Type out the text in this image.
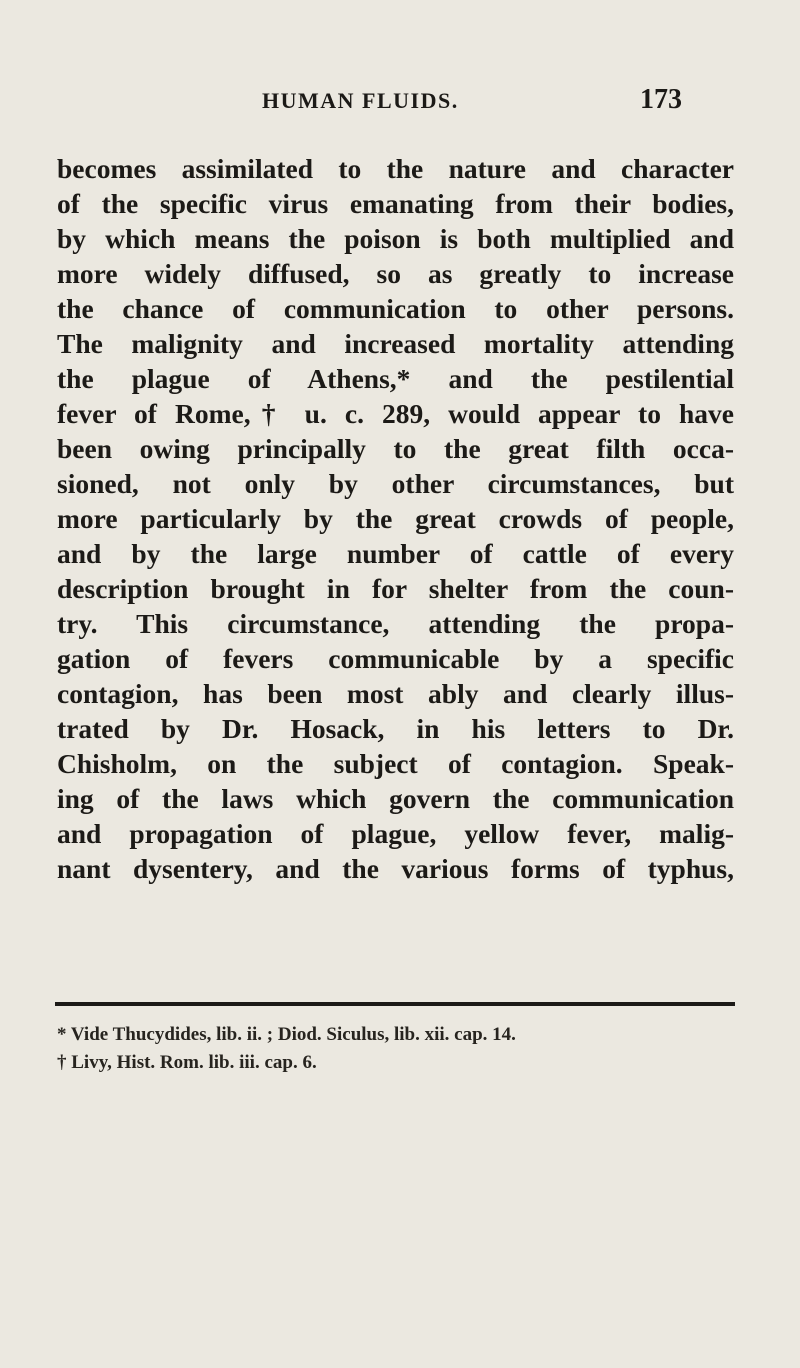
HUMAN FLUIDS.	173
becomes assimilated to the nature and character
of the specific virus emanating from their bodies,
by which means the poison is both multiplied and
more widely diffused, so as greatly to increase
the chance of communication to other persons.
The malignity and increased mortality attending
the plague of Athens,* and the pestilential
fever of Rome,† u. c. 289, would appear to have
been owing principally to the great filth occa-
sioned, not only by other circumstances, but
more particularly by the great crowds of people,
and by the large number of cattle of every
description brought in for shelter from the coun-
try. This circumstance, attending the propa-
gation of fevers communicable by a specific
contagion, has been most ably and clearly illus-
trated by Dr. Hosack, in his letters to Dr.
Chisholm, on the subject of contagion. Speak-
ing of the laws which govern the communication
and propagation of plague, yellow fever, malig-
nant dysentery, and the various forms of typhus,
* Vide Thucydides, lib. ii. ; Diod. Siculus, lib. xii. cap. 14.
† Livy, Hist. Rom. lib. iii. cap. 6.
